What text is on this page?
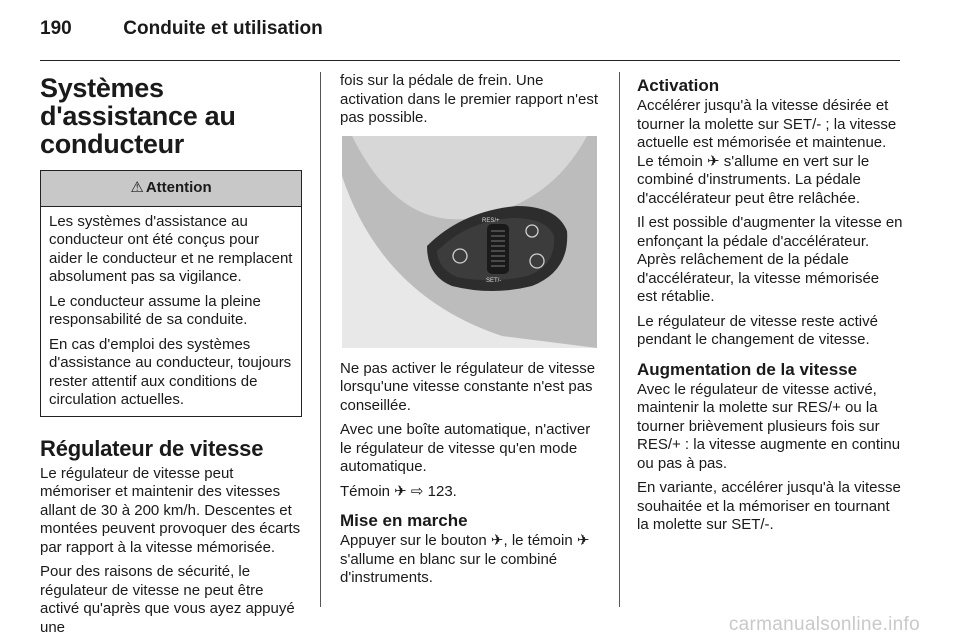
190	Conduite et utilisation
Systèmes d'assistance au conducteur
⚠ Attention

Les systèmes d'assistance au conducteur ont été conçus pour aider le conducteur et ne remplacent absolument pas sa vigilance.

Le conducteur assume la pleine responsabilité de sa conduite.

En cas d'emploi des systèmes d'assistance au conducteur, toujours rester attentif aux conditions de circulation actuelles.

Régulateur de vitesse

Le régulateur de vitesse peut mémoriser et maintenir des vitesses allant de 30 à 200 km/h. Descentes et montées peuvent provoquer des écarts par rapport à la vitesse mémorisée.

Pour des raisons de sécurité, le régulateur de vitesse ne peut être activé qu'après que vous ayez appuyé une

fois sur la pédale de frein. Une activation dans le premier rapport n'est pas possible.

RES/+
SET/-

Ne pas activer le régulateur de vitesse lorsqu'une vitesse constante n'est pas conseillée.

Avec une boîte automatique, n'activer le régulateur de vitesse qu'en mode automatique.

Témoin ✈ ⇨ 123.

Mise en marche

Appuyer sur le bouton ✈, le témoin ✈ s'allume en blanc sur le combiné d'instruments.

Activation

Accélérer jusqu'à la vitesse désirée et tourner la molette sur SET/- ; la vitesse actuelle est mémorisée et maintenue. Le témoin ✈ s'allume en vert sur le combiné d'instruments. La pédale d'accélérateur peut être relâchée.

Il est possible d'augmenter la vitesse en enfonçant la pédale d'accélérateur. Après relâchement de la pédale d'accélérateur, la vitesse mémorisée est rétablie.

Le régulateur de vitesse reste activé pendant le changement de vitesse.

Augmentation de la vitesse

Avec le régulateur de vitesse activé, maintenir la molette sur RES/+ ou la tourner brièvement plusieurs fois sur RES/+ : la vitesse augmente en continu ou pas à pas.

En variante, accélérer jusqu'à la vitesse souhaitée et la mémoriser en tournant la molette sur SET/-.

carmanualsonline.info
